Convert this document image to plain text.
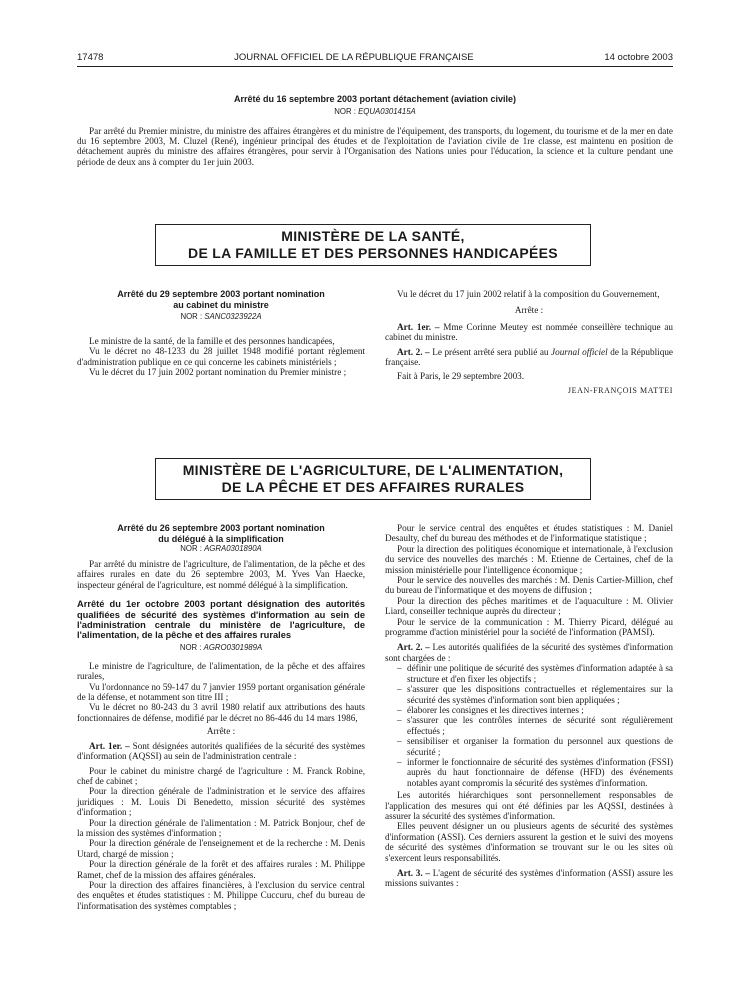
17478	JOURNAL OFFICIEL DE LA RÉPUBLIQUE FRANÇAISE	14 octobre 2003
Arrêté du 16 septembre 2003 portant détachement (aviation civile)
NOR : EQUA0301415A

Par arrêté du Premier ministre, du ministre des affaires étrangères et du ministre de l'équipement, des transports, du logement, du tourisme et de la mer en date du 16 septembre 2003, M. Cluzel (René), ingénieur principal des études et de l'exploitation de l'aviation civile de 1re classe, est maintenu en position de détachement auprès du ministre des affaires étrangères, pour servir à l'Organisation des Nations unies pour l'éducation, la science et la culture pendant une période de deux ans à compter du 1er juin 2003.

MINISTÈRE DE LA SANTÉ,
DE LA FAMILLE ET DES PERSONNES HANDICAPÉES
Arrêté du 29 septembre 2003 portant nomination
au cabinet du ministre
NOR : SANC0323922A

Le ministre de la santé, de la famille et des personnes handicapées,

Vu le décret no 48-1233 du 28 juillet 1948 modifié portant règlement d'administration publique en ce qui concerne les cabinets ministériels ;

Vu le décret du 17 juin 2002 portant nomination du Premier ministre ;

Vu le décret du 17 juin 2002 relatif à la composition du Gouvernement,

Arrête :

Art. 1er. – Mme Corinne Meutey est nommée conseillère technique au cabinet du ministre.

Art. 2. – Le présent arrêté sera publié au Journal officiel de la République française.

Fait à Paris, le 29 septembre 2003.

JEAN-FRANÇOIS MATTEI
MINISTÈRE DE L'AGRICULTURE, DE L'ALIMENTATION,
DE LA PÊCHE ET DES AFFAIRES RURALES
Arrêté du 26 septembre 2003 portant nomination
du délégué à la simplification
NOR : AGRA0301890A

Par arrêté du ministre de l'agriculture, de l'alimentation, de la pêche et des affaires rurales en date du 26 septembre 2003, M. Yves Van Haecke, inspecteur général de l'agriculture, est nommé délégué à la simplification.

Arrêté du 1er octobre 2003 portant désignation des autorités qualifiées de sécurité des systèmes d'information au sein de l'administration centrale du ministère de l'agriculture, de l'alimentation, de la pêche et des affaires rurales
NOR : AGRO0301989A

Le ministre de l'agriculture, de l'alimentation, de la pêche et des affaires rurales,

Vu l'ordonnance no 59-147 du 7 janvier 1959 portant organisation générale de la défense, et notamment son titre III ;

Vu le décret no 80-243 du 3 avril 1980 relatif aux attributions des hauts fonctionnaires de défense, modifié par le décret no 86-446 du 14 mars 1986,

Arrête :

Art. 1er. – Sont désignées autorités qualifiées de la sécurité des systèmes d'information (AQSSI) au sein de l'administration centrale :

Pour le cabinet du ministre chargé de l'agriculture : M. Franck Robine, chef de cabinet ;

Pour la direction générale de l'administration et le service des affaires juridiques : M. Louis Di Benedetto, mission sécurité des systèmes d'information ;

Pour la direction générale de l'alimentation : M. Patrick Bonjour, chef de la mission des systèmes d'information ;

Pour la direction générale de l'enseignement et de la recherche : M. Denis Utard, chargé de mission ;

Pour la direction générale de la forêt et des affaires rurales : M. Philippe Ramet, chef de la mission des affaires générales.

Pour la direction des affaires financières, à l'exclusion du service central des enquêtes et études statistiques : M. Philippe Cuccuru, chef du bureau de l'informatisation des systèmes comptables ;

Pour le service central des enquêtes et études statistiques : M. Daniel Desaulty, chef du bureau des méthodes et de l'informatique statistique ;

Pour la direction des politiques économique et internationale, à l'exclusion du service des nouvelles des marchés : M. Etienne de Certaines, chef de la mission ministérielle pour l'intelligence économique ;

Pour le service des nouvelles des marchés : M. Denis Cartier-Million, chef du bureau de l'informatique et des moyens de diffusion ;

Pour la direction des pêches maritimes et de l'aquaculture : M. Olivier Liard, conseiller technique auprès du directeur ;

Pour le service de la communication : M. Thierry Picard, délégué au programme d'action ministériel pour la société de l'information (PAMSI).

Art. 2. – Les autorités qualifiées de la sécurité des systèmes d'information sont chargées de :

– définir une politique de sécurité des systèmes d'information adaptée à sa structure et d'en fixer les objectifs ;
– s'assurer que les dispositions contractuelles et réglementaires sur la sécurité des systèmes d'information sont bien appliquées ;
– élaborer les consignes et les directives internes ;
– s'assurer que les contrôles internes de sécurité sont régulièrement effectués ;
– sensibiliser et organiser la formation du personnel aux questions de sécurité ;
– informer le fonctionnaire de sécurité des systèmes d'information (FSSI) auprès du haut fonctionnaire de défense (HFD) des événements notables ayant compromis la sécurité des systèmes d'information.

Les autorités hiérarchiques sont personnellement responsables de l'application des mesures qui ont été définies par les AQSSI, destinées à assurer la sécurité des systèmes d'information.

Elles peuvent désigner un ou plusieurs agents de sécurité des systèmes d'information (ASSI). Ces derniers assurent la gestion et le suivi des moyens de sécurité des systèmes d'information se trouvant sur le ou les sites où s'exercent leurs responsabilités.

Art. 3. – L'agent de sécurité des systèmes d'information (ASSI) assure les missions suivantes :
